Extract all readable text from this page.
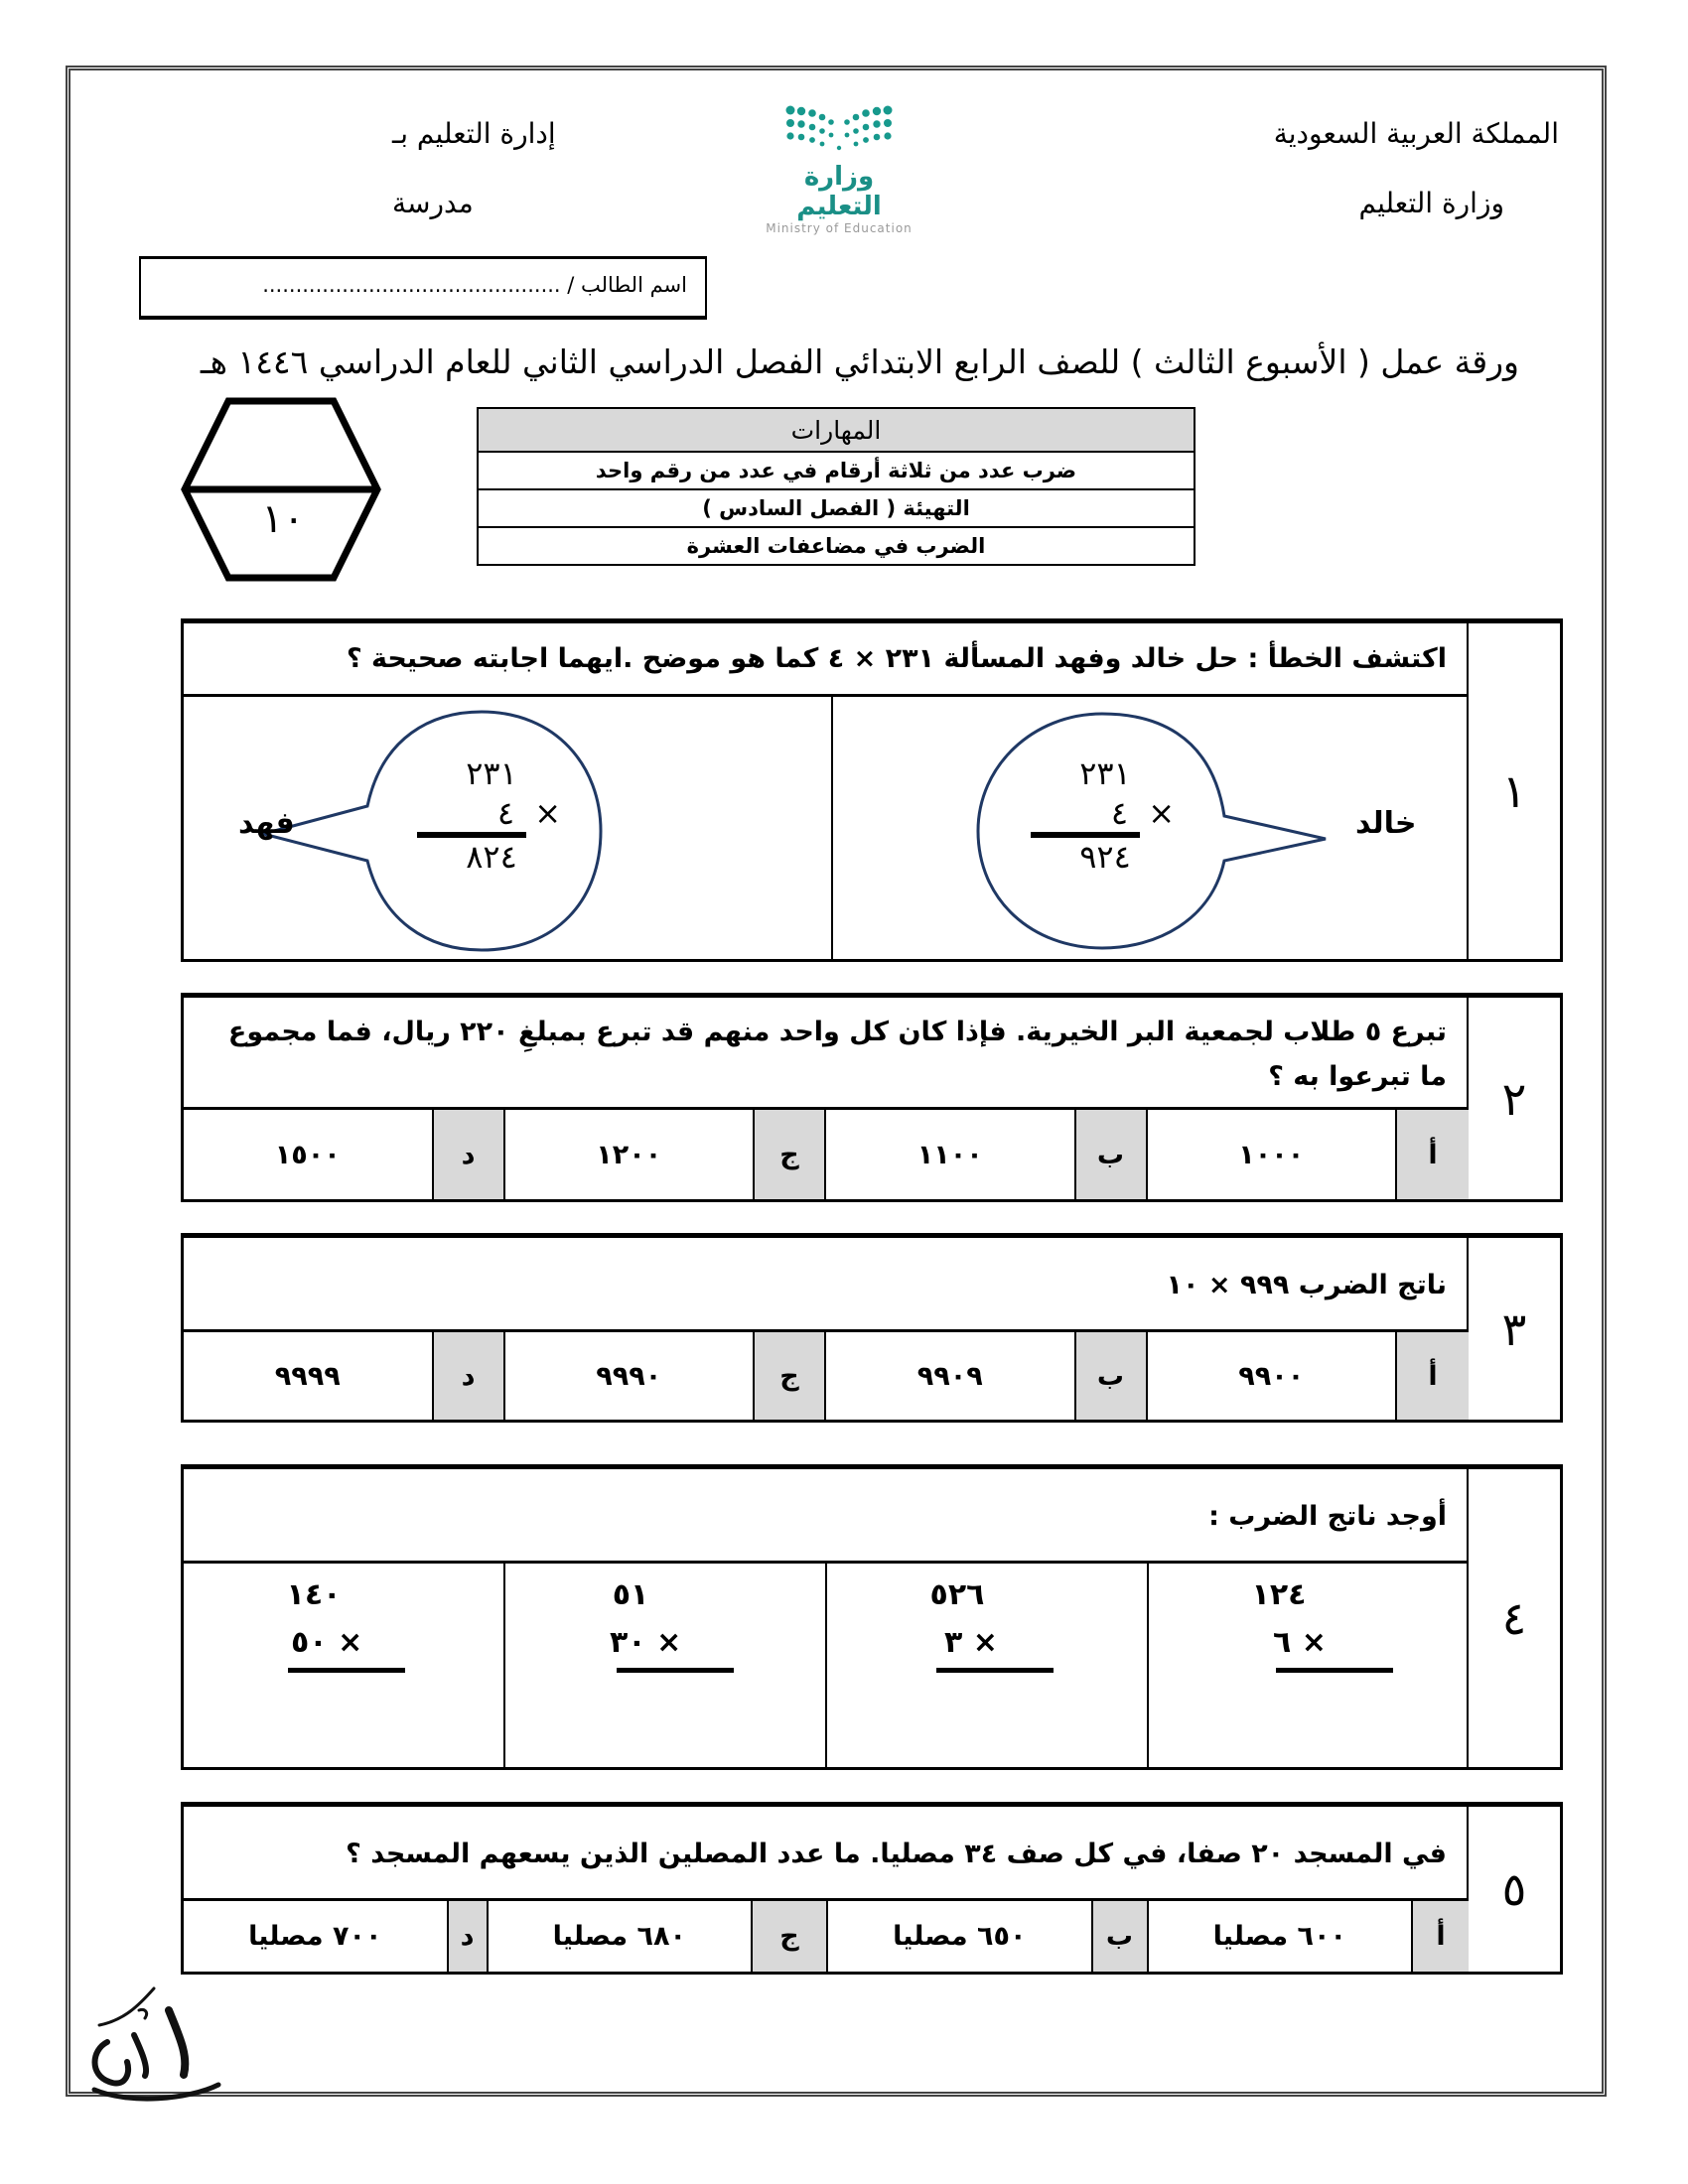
المملكة العربية السعودية
وزارة التعليم
إدارة التعليم بـ
مدرسة
وزارة التعليم
Ministry of Education
اسم الطالب / .............................................
ورقة عمل ( الأسبوع الثالث ) للصف الرابع الابتدائي الفصل الدراسي الثاني للعام الدراسي ١٤٤٦ هـ
١٠
المهارات
ضرب عدد من ثلاثة أرقام في عدد من رقم واحد
التهيئة ( الفصل السادس )
الضرب في مضاعفات العشرة
١
اكتشف الخطأ : حل خالد وفهد المسألة ٢٣١ × ٤ كما هو موضح .ايهما اجابته صحيحة ؟
٢٣١
٤ ×
٩٢٤
خالد
٢٣١
٤ ×
٨٢٤
فهد
٢
تبرع ٥ طلاب لجمعية البر الخيرية. فإذا كان كل واحد منهم قد تبرع بمبلغِ ٢٢٠ ريال، فما مجموع ما تبرعوا به ؟
أ
١٠٠٠
ب
١١٠٠
ج
١٢٠٠
د
١٥٠٠
٣
ناتج الضرب ٩٩٩ × ١٠
أ
٩٩٠٠
ب
٩٩٠٩
ج
٩٩٩٠
د
٩٩٩٩
٤
أوجد ناتج الضرب :
١٢٤
٦ ×
٥٢٦
٣ ×
٥١
٣٠ ×
١٤٠
٥٠ ×
٥
في المسجد ٢٠ صفا، في كل صف ٣٤ مصليا. ما عدد المصلين الذين يسعهم المسجد ؟
أ
٦٠٠ مصليا
ب
٦٥٠ مصليا
ج
٦٨٠ مصليا
د
٧٠٠ مصليا
